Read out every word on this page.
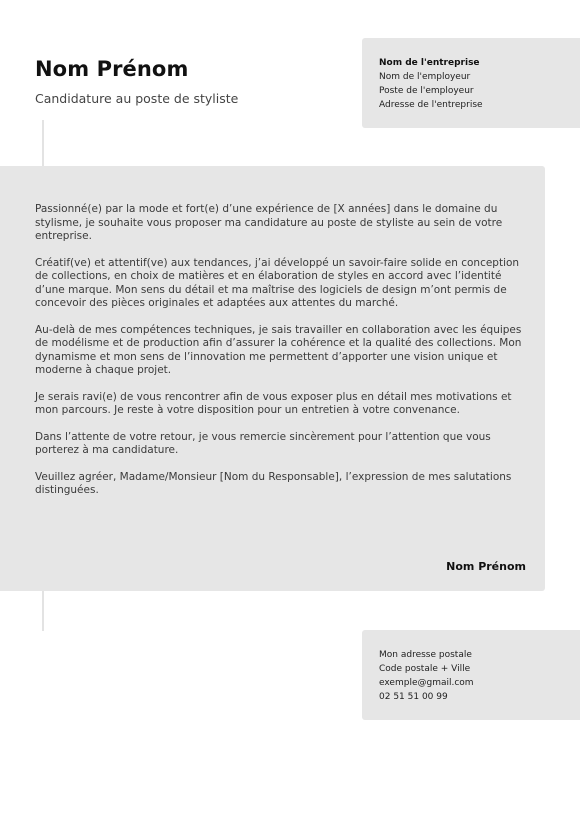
Nom Prénom

Candidature au poste de styliste

Nom de l'entreprise
Nom de l'employeur
Poste de l'employeur
Adresse de l'entreprise

Passionné(e) par la mode et fort(e) d’une expérience de [X années] dans le domaine du stylisme, je souhaite vous proposer ma candidature au poste de styliste au sein de votre entreprise.

Créatif(ve) et attentif(ve) aux tendances, j’ai développé un savoir-faire solide en conception de collections, en choix de matières et en élaboration de styles en accord avec l’identité d’une marque. Mon sens du détail et ma maîtrise des logiciels de design m’ont permis de concevoir des pièces originales et adaptées aux attentes du marché.

Au-delà de mes compétences techniques, je sais travailler en collaboration avec les équipes de modélisme et de production afin d’assurer la cohérence et la qualité des collections. Mon dynamisme et mon sens de l’innovation me permettent d’apporter une vision unique et moderne à chaque projet.

Je serais ravi(e) de vous rencontrer afin de vous exposer plus en détail mes motivations et mon parcours. Je reste à votre disposition pour un entretien à votre convenance.

Dans l’attente de votre retour, je vous remercie sincèrement pour l’attention que vous porterez à ma candidature.

Veuillez agréer, Madame/Monsieur [Nom du Responsable], l’expression de mes salutations distinguées.

Nom Prénom
Mon adresse postale
Code postale + Ville
exemple@gmail.com
02 51 51 00 99
